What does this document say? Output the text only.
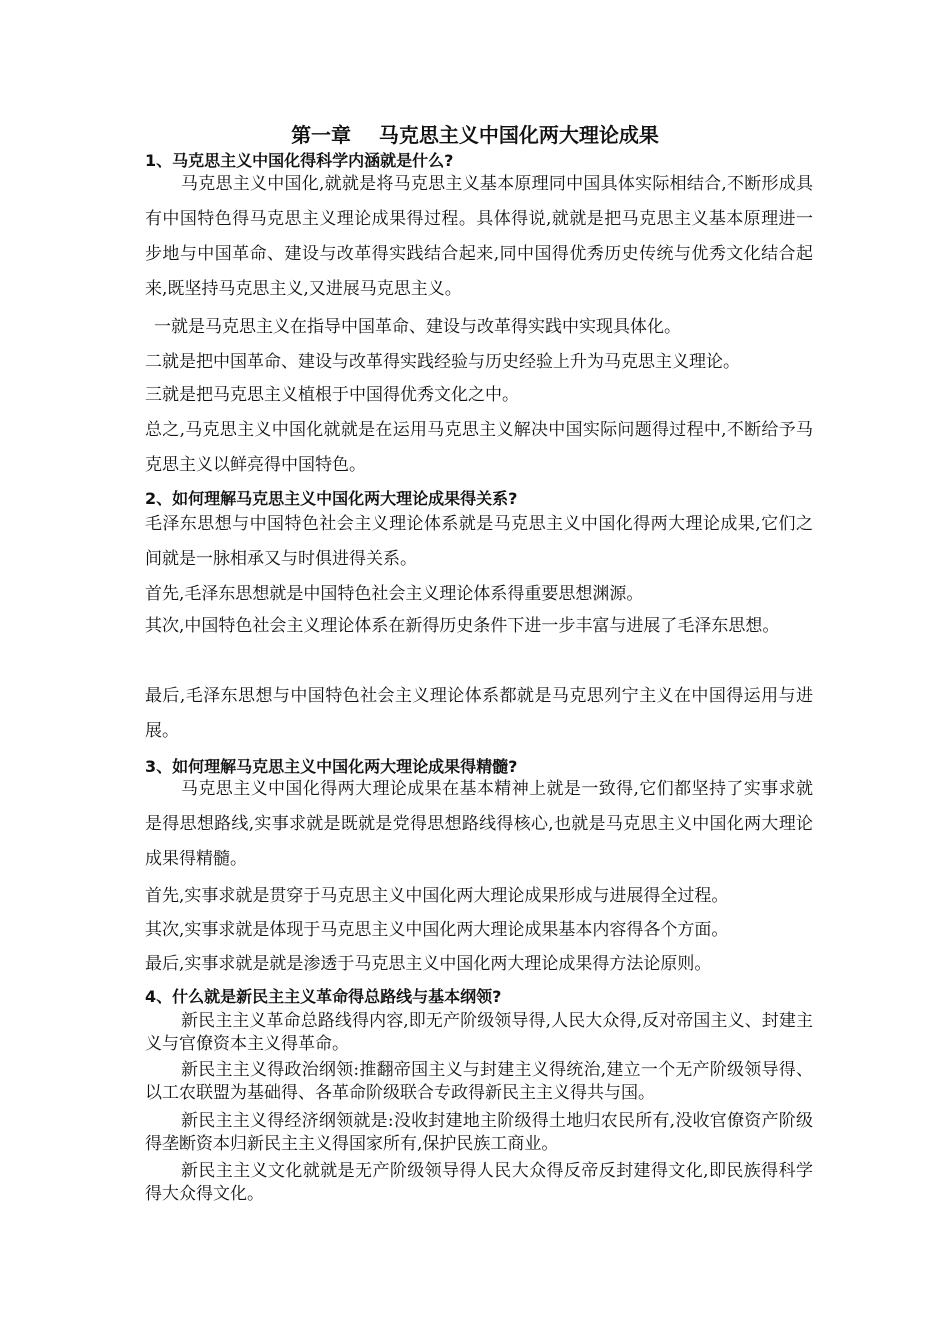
第一章    马克思主义中国化两大理论成果
1、马克思主义中国化得科学内涵就是什么?

马克思主义中国化,就就是将马克思主义基本原理同中国具体实际相结合,不断形成具有中国特色得马克思主义理论成果得过程。具体得说,就就是把马克思主义基本原理进一步地与中国革命、建设与改革得实践结合起来,同中国得优秀历史传统与优秀文化结合起来,既坚持马克思主义,又进展马克思主义。

一就是马克思主义在指导中国革命、建设与改革得实践中实现具体化。

二就是把中国革命、建设与改革得实践经验与历史经验上升为马克思主义理论。

三就是把马克思主义植根于中国得优秀文化之中。

总之,马克思主义中国化就就是在运用马克思主义解决中国实际问题得过程中,不断给予马克思主义以鲜亮得中国特色。

2、如何理解马克思主义中国化两大理论成果得关系?

毛泽东思想与中国特色社会主义理论体系就是马克思主义中国化得两大理论成果,它们之间就是一脉相承又与时俱进得关系。

首先,毛泽东思想就是中国特色社会主义理论体系得重要思想渊源。

其次,中国特色社会主义理论体系在新得历史条件下进一步丰富与进展了毛泽东思想。

最后,毛泽东思想与中国特色社会主义理论体系都就是马克思列宁主义在中国得运用与进展。

3、如何理解马克思主义中国化两大理论成果得精髓?

马克思主义中国化得两大理论成果在基本精神上就是一致得,它们都坚持了实事求就是得思想路线,实事求就是既就是党得思想路线得核心,也就是马克思主义中国化两大理论成果得精髓。

首先,实事求就是贯穿于马克思主义中国化两大理论成果形成与进展得全过程。

其次,实事求就是体现于马克思主义中国化两大理论成果基本内容得各个方面。

最后,实事求就是就是渗透于马克思主义中国化两大理论成果得方法论原则。

4、什么就是新民主主义革命得总路线与基本纲领?

新民主主义革命总路线得内容,即无产阶级领导得,人民大众得,反对帝国主义、封建主义与官僚资本主义得革命。

新民主主义得政治纲领:推翻帝国主义与封建主义得统治,建立一个无产阶级领导得、以工农联盟为基础得、各革命阶级联合专政得新民主主义得共与国。

新民主主义得经济纲领就是:没收封建地主阶级得土地归农民所有,没收官僚资产阶级得垄断资本归新民主主义得国家所有,保护民族工商业。

新民主主义文化就就是无产阶级领导得人民大众得反帝反封建得文化,即民族得科学得大众得文化。
